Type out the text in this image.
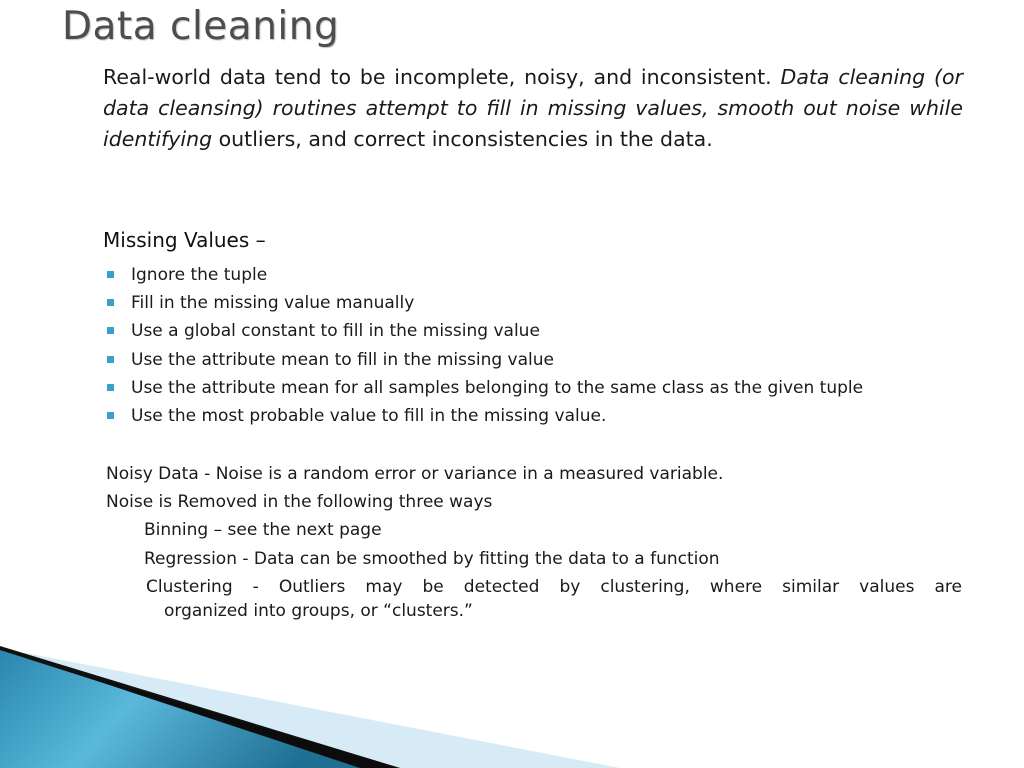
Data cleaning

Real-world data tend to be incomplete, noisy, and inconsistent. Data cleaning (or data cleansing) routines attempt to fill in missing values, smooth out noise while identifying outliers, and correct inconsistencies in the data.

Missing Values –
Ignore the tuple
Fill in the missing value manually
Use a global constant to fill in the missing value
Use the attribute mean to fill in the missing value
Use the attribute mean for all samples belonging to the same class as the given tuple
Use the most probable value to fill in the missing value.
Noisy Data - Noise is a random error or variance in a measured variable.
Noise is Removed in the following three ways
Binning – see the next page
Regression - Data can be smoothed by fitting the data to a function
Clustering - Outliers may be detected by clustering, where similar values are
organized into groups, or “clusters.”
